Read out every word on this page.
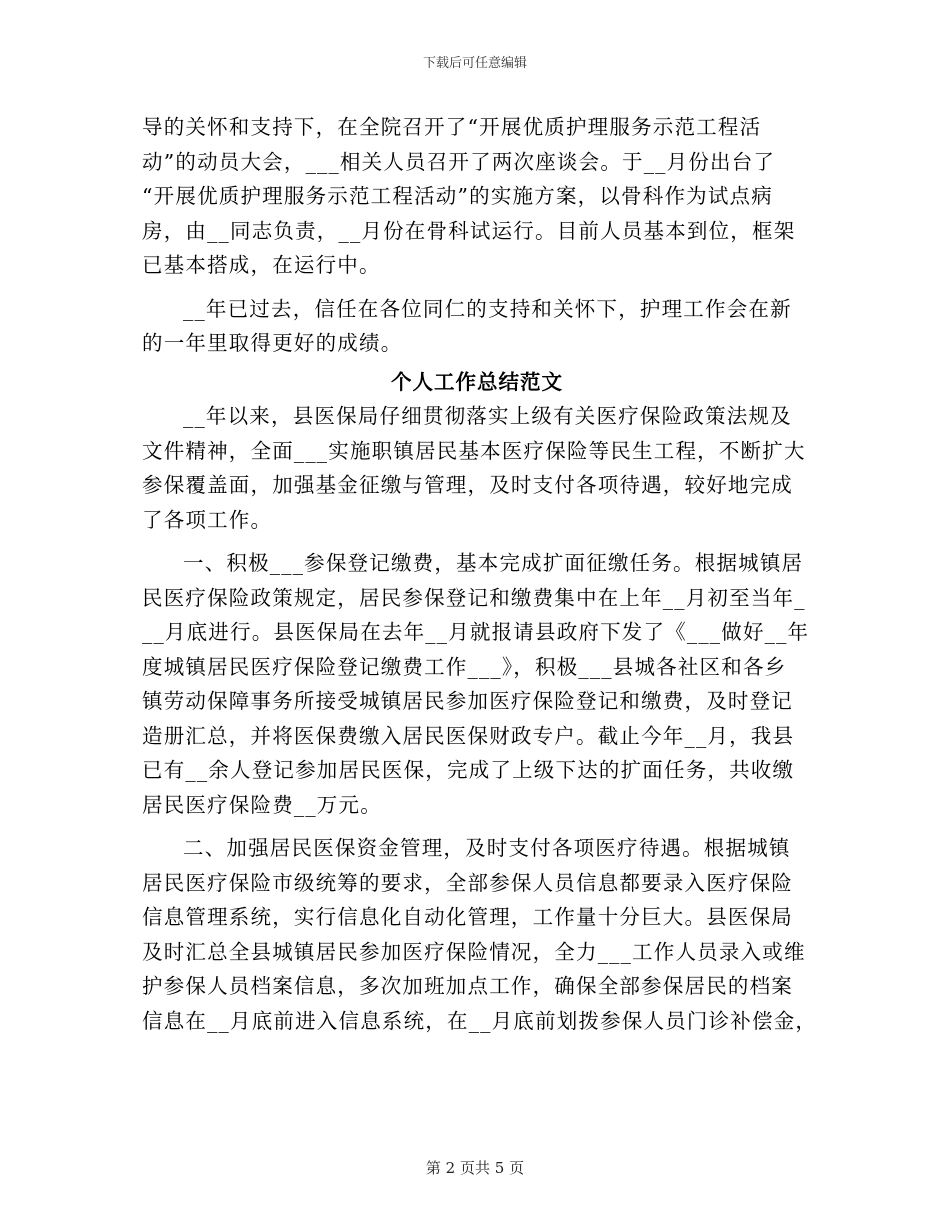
下载后可任意编辑
导的关怀和支持下，在全院召开了“开展优质护理服务示范工程活
动”的动员大会，___相关人员召开了两次座谈会。于__月份出台了
“开展优质护理服务示范工程活动”的实施方案，以骨科作为试点病
房，由__同志负责，__月份在骨科试运行。目前人员基本到位，框架
已基本搭成，在运行中。
__年已过去，信任在各位同仁的支持和关怀下，护理工作会在新
的一年里取得更好的成绩。
个人工作总结范文
__年以来，县医保局仔细贯彻落实上级有关医疗保险政策法规及
文件精神，全面___实施职镇居民基本医疗保险等民生工程，不断扩大
参保覆盖面，加强基金征缴与管理，及时支付各项待遇，较好地完成
了各项工作。
一、积极___参保登记缴费，基本完成扩面征缴任务。根据城镇居
民医疗保险政策规定，居民参保登记和缴费集中在上年__月初至当年_
__月底进行。县医保局在去年__月就报请县政府下发了《___做好__年
度城镇居民医疗保险登记缴费工作___》，积极___县城各社区和各乡
镇劳动保障事务所接受城镇居民参加医疗保险登记和缴费，及时登记
造册汇总，并将医保费缴入居民医保财政专户。截止今年__月，我县
已有__余人登记参加居民医保，完成了上级下达的扩面任务，共收缴
居民医疗保险费__万元。
二、加强居民医保资金管理，及时支付各项医疗待遇。根据城镇
居民医疗保险市级统筹的要求，全部参保人员信息都要录入医疗保险
信息管理系统，实行信息化自动化管理，工作量十分巨大。县医保局
及时汇总全县城镇居民参加医疗保险情况，全力___工作人员录入或维
护参保人员档案信息，多次加班加点工作，确保全部参保居民的档案
信息在__月底前进入信息系统，在__月底前划拨参保人员门诊补偿金，
第 2 页共 5 页
